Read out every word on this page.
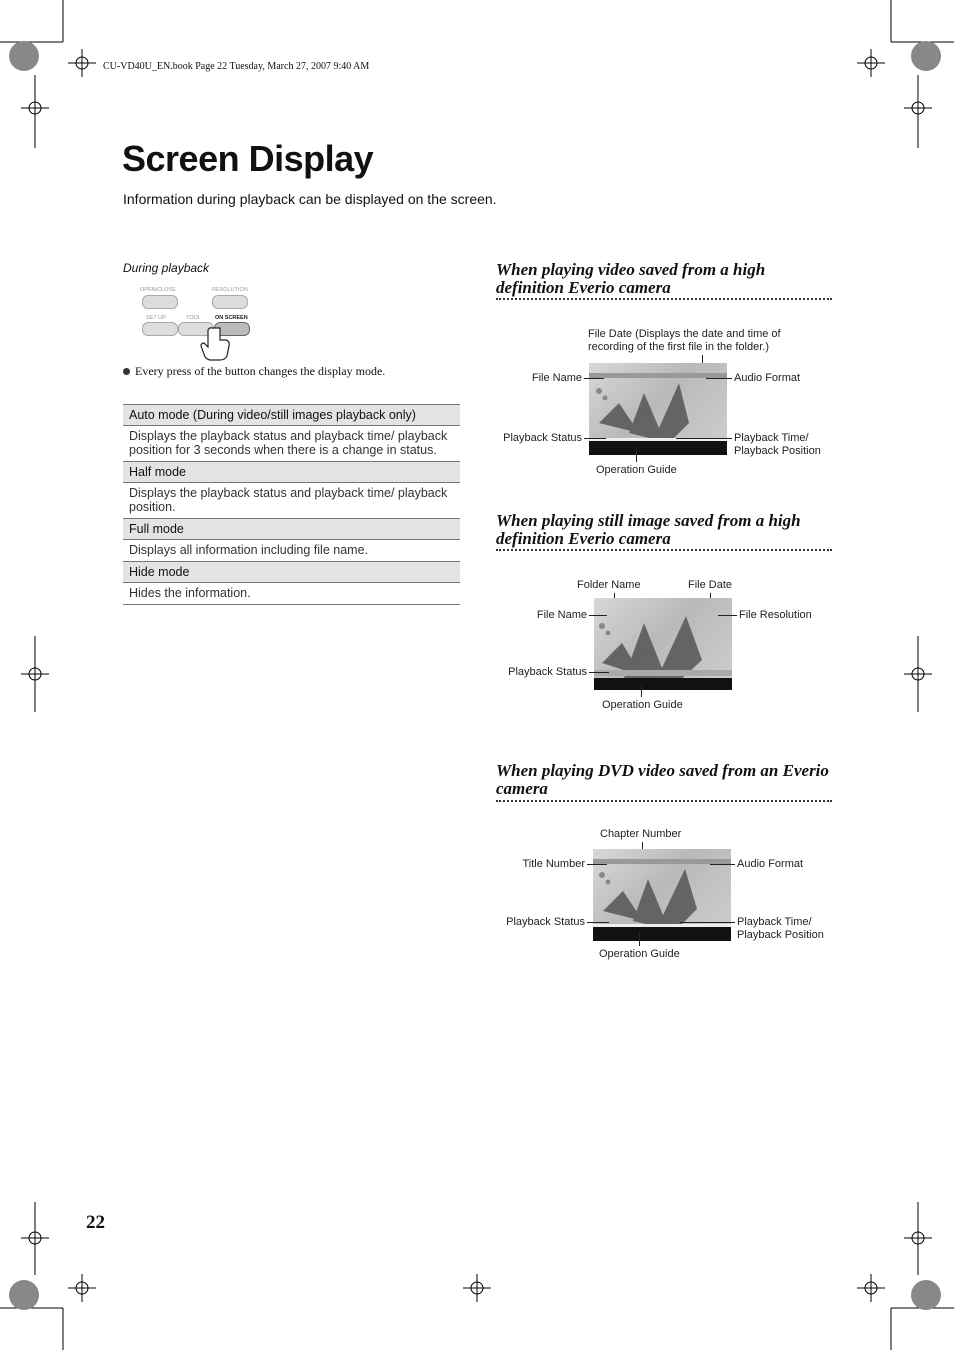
CU-VD40U_EN.book Page 22 Tuesday, March 27, 2007 9:40 AM
Screen Display
Information during playback can be displayed on the screen.
During playback
OPEN/CLOSE	RESOLUTION
SET UP	TOOL	ON SCREEN
Every press of the button changes the display mode.
Auto mode (During video/still images playback only)
Displays the playback status and playback time/ playback position for 3 seconds when there is a change in status.
Half mode
Displays the playback status and playback time/ playback position.
Full mode
Displays all information including file name.
Hide mode
Hides the information.
When playing video saved from a high definition Everio camera
File Date (Displays the date and time of recording of the first file in the folder.)
File Name	Audio Format
Playback Status	Playback Time/ Playback Position
Operation Guide
When playing still image saved from a high definition Everio camera
Folder Name	File Date
File Name	File Resolution
Playback Status
Operation Guide
When playing DVD video saved from an Everio camera
Chapter Number
Title Number	Audio Format
Playback Status	Playback Time/ Playback Position
Operation Guide
22
